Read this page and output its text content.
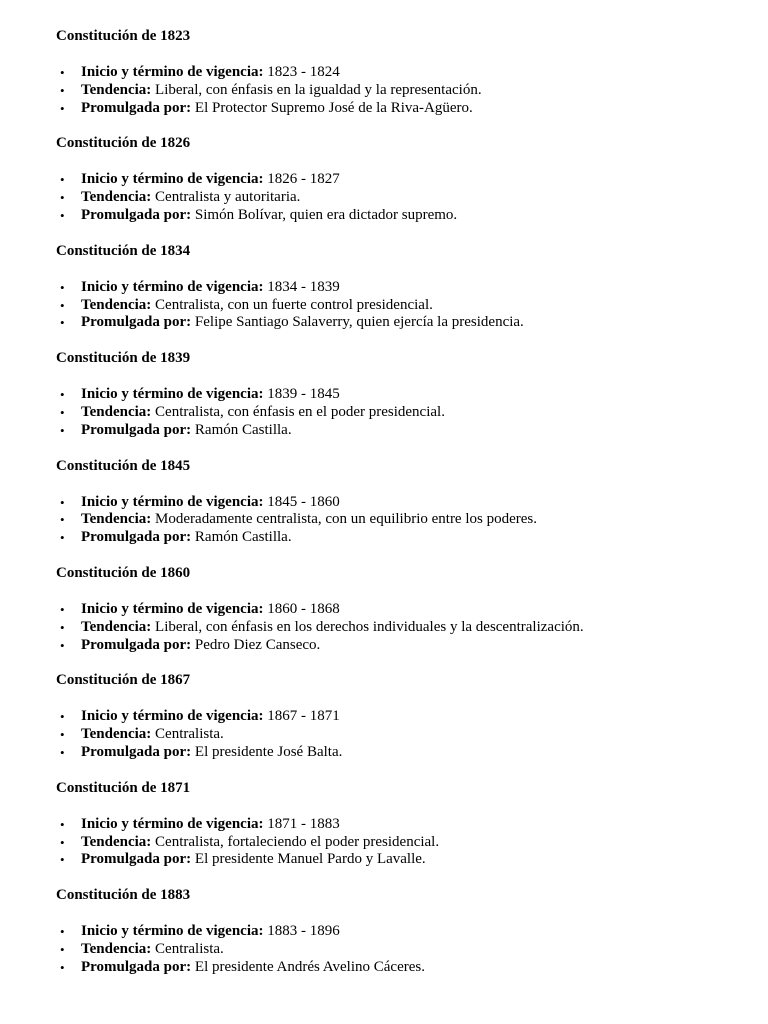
Constitución de 1823
• Inicio y término de vigencia: 1823 - 1824
• Tendencia: Liberal, con énfasis en la igualdad y la representación.
• Promulgada por: El Protector Supremo José de la Riva-Agüero.
Constitución de 1826
• Inicio y término de vigencia: 1826 - 1827
• Tendencia: Centralista y autoritaria.
• Promulgada por: Simón Bolívar, quien era dictador supremo.
Constitución de 1834
• Inicio y término de vigencia: 1834 - 1839
• Tendencia: Centralista, con un fuerte control presidencial.
• Promulgada por: Felipe Santiago Salaverry, quien ejercía la presidencia.
Constitución de 1839
• Inicio y término de vigencia: 1839 - 1845
• Tendencia: Centralista, con énfasis en el poder presidencial.
• Promulgada por: Ramón Castilla.
Constitución de 1845
• Inicio y término de vigencia: 1845 - 1860
• Tendencia: Moderadamente centralista, con un equilibrio entre los poderes.
• Promulgada por: Ramón Castilla.
Constitución de 1860
• Inicio y término de vigencia: 1860 - 1868
• Tendencia: Liberal, con énfasis en los derechos individuales y la descentralización.
• Promulgada por: Pedro Diez Canseco.
Constitución de 1867
• Inicio y término de vigencia: 1867 - 1871
• Tendencia: Centralista.
• Promulgada por: El presidente José Balta.
Constitución de 1871
• Inicio y término de vigencia: 1871 - 1883
• Tendencia: Centralista, fortaleciendo el poder presidencial.
• Promulgada por: El presidente Manuel Pardo y Lavalle.
Constitución de 1883
• Inicio y término de vigencia: 1883 - 1896
• Tendencia: Centralista.
• Promulgada por: El presidente Andrés Avelino Cáceres.
